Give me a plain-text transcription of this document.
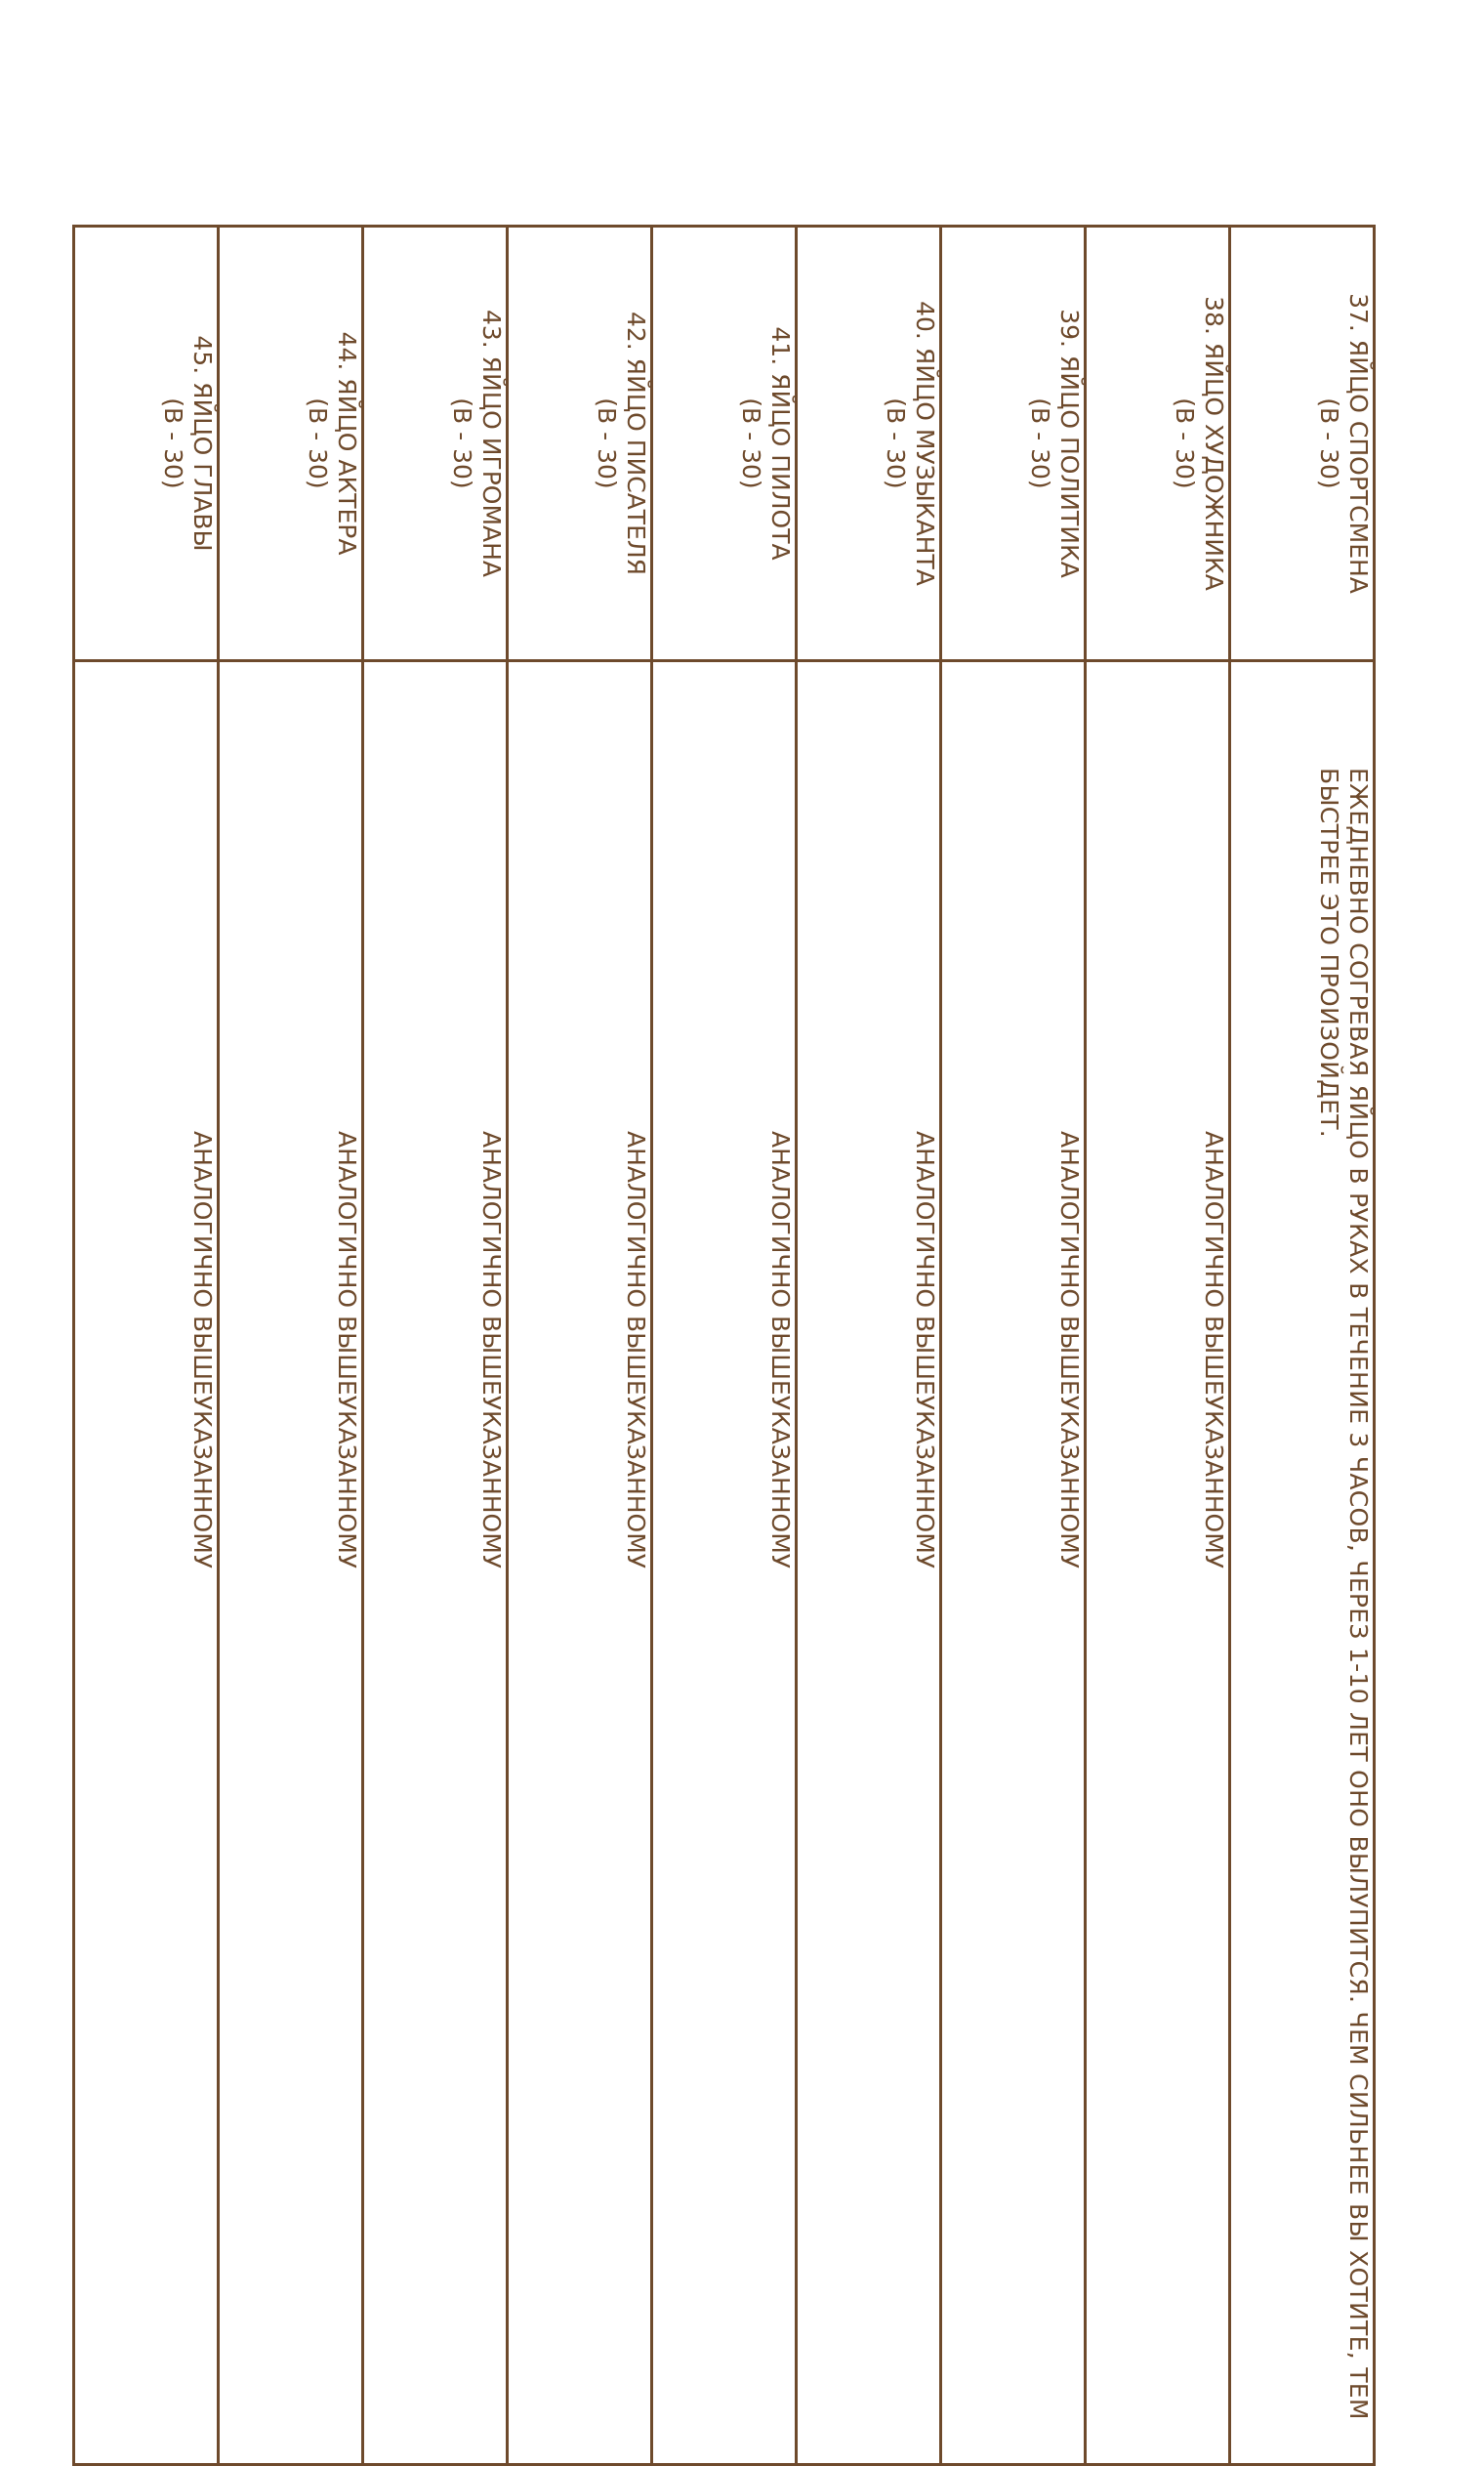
37. ЯЙЦО СПОРТСМЕНА
(B - 30)	ЕЖЕДНЕВНО СОГРЕВАЯ ЯЙЦО В РУКАХ В ТЕЧЕНИЕ 3 ЧАСОВ, ЧЕРЕЗ 1-10 ЛЕТ ОНО ВЫЛУПИТСЯ. ЧЕМ СИЛЬНЕЕ ВЫ ХОТИТЕ, ТЕМ БЫСТРЕЕ ЭТО ПРОИЗОЙДЕТ.

38. ЯЙЦО ХУДОЖНИКА
(B - 30)	АНАЛОГИЧНО ВЫШЕУКАЗАННОМУ

39. ЯЙЦО ПОЛИТИКА
(B - 30)	АНАЛОГИЧНО ВЫШЕУКАЗАННОМУ

40. ЯЙЦО МУЗЫКАНТА
(B - 30)	АНАЛОГИЧНО ВЫШЕУКАЗАННОМУ

41. ЯЙЦО ПИЛОТА
(B - 30)	АНАЛОГИЧНО ВЫШЕУКАЗАННОМУ

42. ЯЙЦО ПИСАТЕЛЯ
(B - 30)	АНАЛОГИЧНО ВЫШЕУКАЗАННОМУ

43. ЯЙЦО ИГРОМАНА
(B - 30)	АНАЛОГИЧНО ВЫШЕУКАЗАННОМУ

44. ЯЙЦО АКТЕРА
(B - 30)	АНАЛОГИЧНО ВЫШЕУКАЗАННОМУ

45. ЯЙЦО ГЛАВЫ
(B - 30)	АНАЛОГИЧНО ВЫШЕУКАЗАННОМУ
